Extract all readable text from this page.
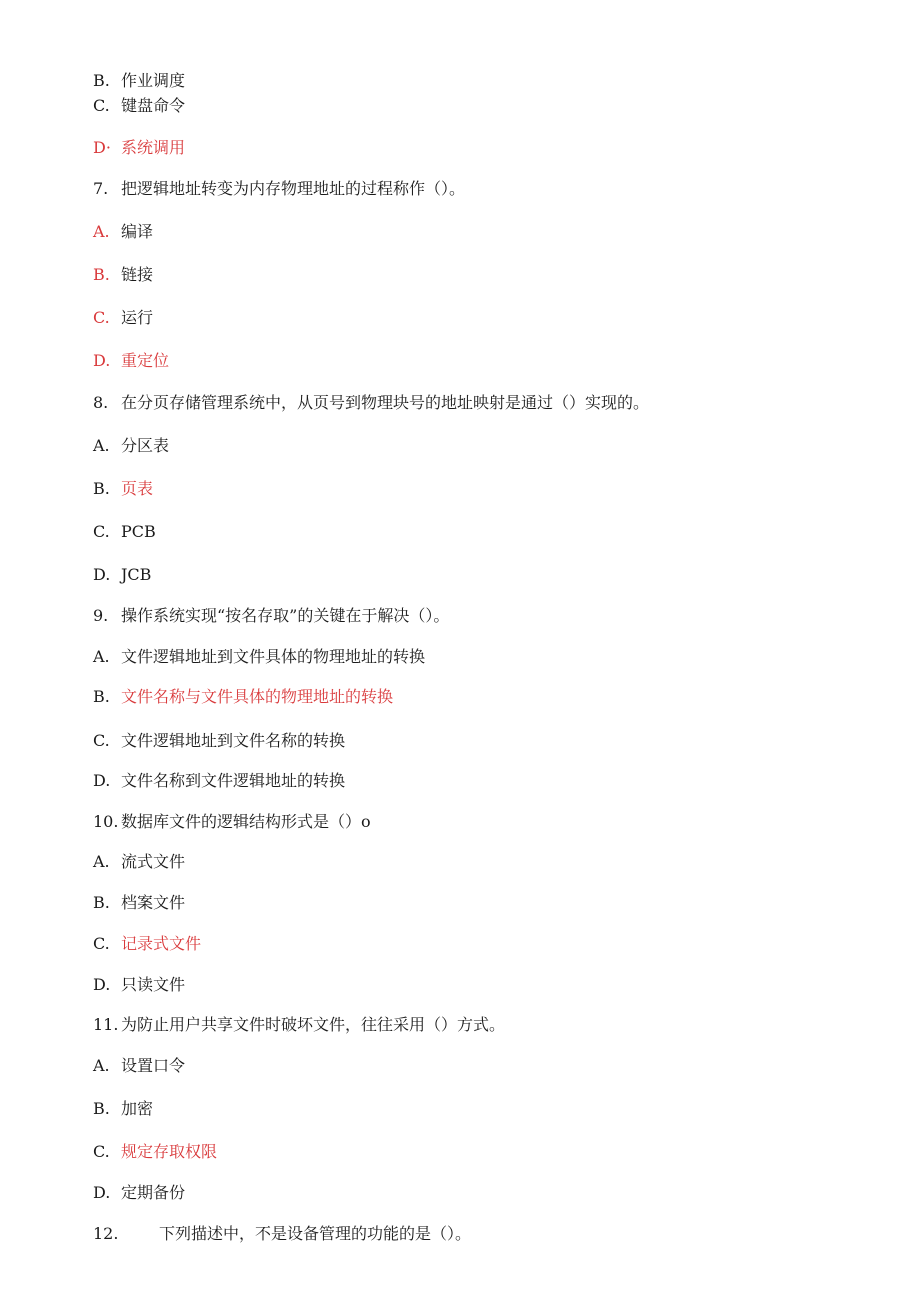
B. 作业调度
C. 键盘命令
D· 系统调用
7. 把逻辑地址转变为内存物理地址的过程称作（）。
A. 编译
B. 链接
C. 运行
D. 重定位
8. 在分页存储管理系统中，从页号到物理块号的地址映射是通过（）实现的。
A. 分区表
B. 页表
C. PCB
D. JCB
9. 操作系统实现“按名存取”的关键在于解决（）。
A. 文件逻辑地址到文件具体的物理地址的转换
B. 文件名称与文件具体的物理地址的转换
C. 文件逻辑地址到文件名称的转换
D. 文件名称到文件逻辑地址的转换
10. 数据库文件的逻辑结构形式是（）o
A. 流式文件
B. 档案文件
C. 记录式文件
D. 只读文件
11. 为防止用户共享文件时破坏文件，往往采用（）方式。
A. 设置口令
B. 加密
C. 规定存取权限
D. 定期备份
12.	下列描述中，不是设备管理的功能的是（）。
